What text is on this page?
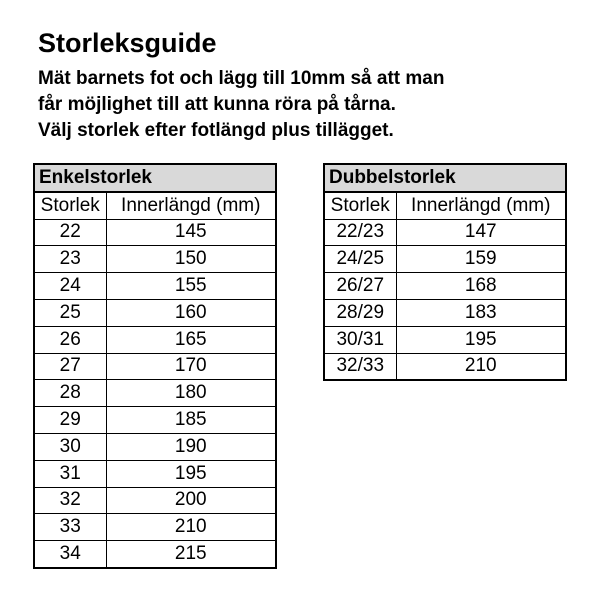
Storleksguide
Mät barnets fot och lägg till 10mm så att man
får möjlighet till att kunna röra på tårna.
Välj storlek efter fotlängd plus tillägget.
Enkelstorlek	
Storlek	Innerlängd (mm)
22	145
23	150
24	155
25	160
26	165
27	170
28	180
29	185
30	190
31	195
32	200
33	210
34	215
Dubbelstorlek	
Storlek	Innerlängd (mm)
22/23	147
24/25	159
26/27	168
28/29	183
30/31	195
32/33	210
